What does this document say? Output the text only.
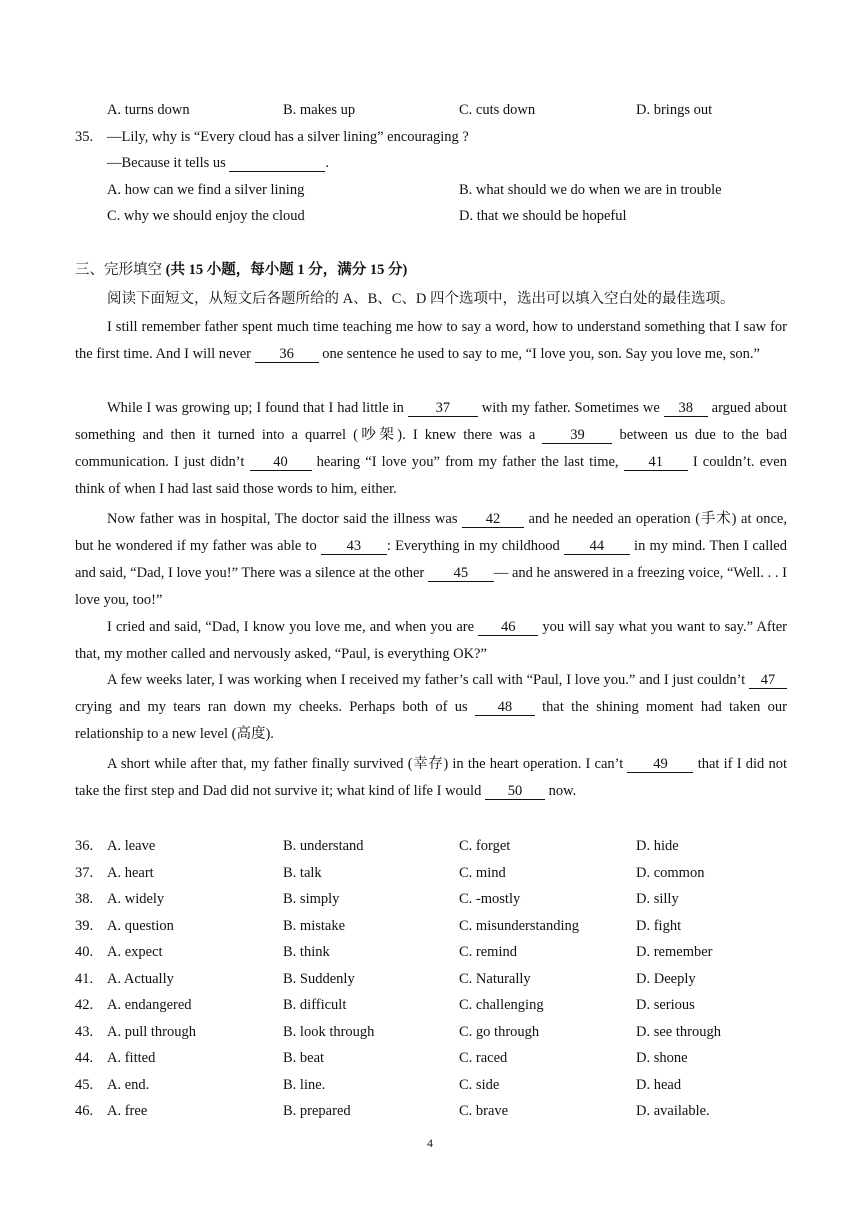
A. turns down	B. makes up	C. cuts down	D. brings out
35. —Lily, why is “Every cloud has a silver lining” encouraging ?
—Because it tells us	.
A. how can we find a silver lining	B. what should we do when we are in trouble
C. why we should enjoy the cloud	D. that we should be hopeful
三、完形填空 (共 15 小题，每小题 1 分，满分 15 分)
阅读下面短文，从短文后各题所给的 A、B、C、D 四个选项中，选出可以填入空白处的最佳选项。
I still remember father spent much time teaching me how to say a word, how to understand something that I saw for the first time. And I will never 36 one sentence he used to say to me, “I love you, son. Say you love me, son.”
While I was growing up; I found that I had little in 37 with my father. Sometimes we 38 argued about something and then it turned into a quarrel (吵架). I knew there was a 39 between us due to the bad communication. I just didn’t 40 hearing “I love you” from my father the last time, 41 I couldn’t. even think of when I had last said those words to him, either.
Now father was in hospital, The doctor said the illness was 42 and he needed an operation (手术) at once, but he wondered if my father was able to 43 : Everything in my childhood 44 in my mind. Then I called and said, “Dad, I love you!” There was a silence at the other 45 — and he answered in a freezing voice, “Well. . . I love you, too!”
I cried and said, “Dad, I know you love me, and when you are 46 you will say what you want to say.” After that, my mother called and nervously asked, “Paul, is everything OK?”
A few weeks later, I was working when I received my father’s call with “Paul, I love you.” and I just couldn’t 47 crying and my tears ran down my cheeks. Perhaps both of us 48 that the shining moment had taken our relationship to a new level (高度).
A short while after that, my father finally survived (幸存) in the heart operation. I can’t 49 that if I did not take the first step and Dad did not survive it; what kind of life I would 50 now.
36. A. leave	B. understand	C. forget	D. hide
37. A. heart	B. talk	C. mind	D. common
38. A. widely	B. simply	C. -mostly	D. silly
39. A. question	B. mistake	C. misunderstanding	D. fight
40. A. expect	B. think	C. remind	D. remember
41. A. Actually	B. Suddenly	C. Naturally	D. Deeply
42. A. endangered	B. difficult	C. challenging	D. serious
43. A. pull through	B. look through	C. go through	D. see through
44. A. fitted	B. beat	C. raced	D. shone
45. A. end.	B. line.	C. side	D. head
46. A. free	B. prepared	C. brave	D. available.
4
